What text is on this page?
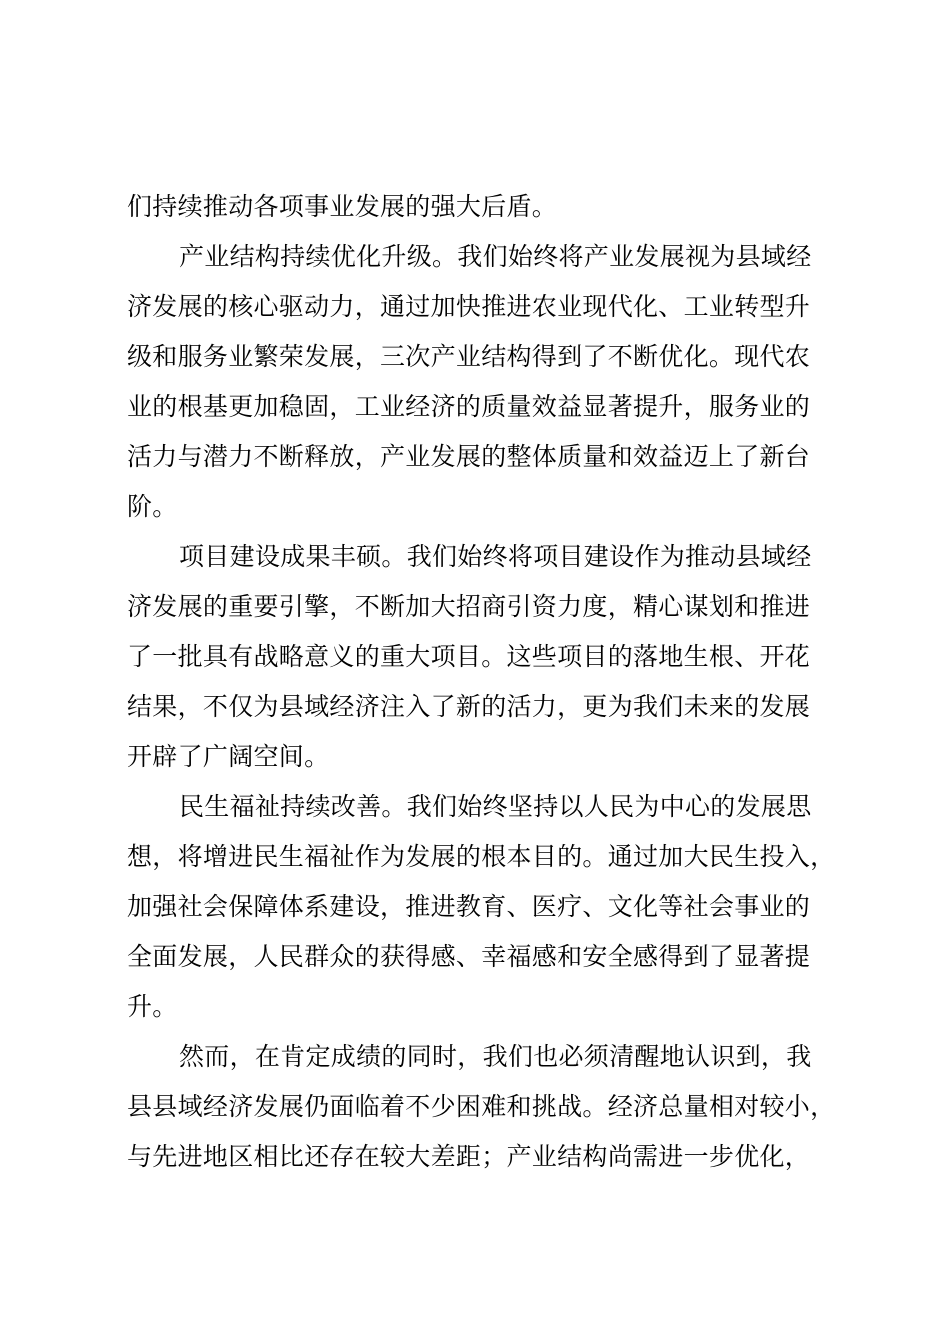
们持续推动各项事业发展的强大后盾。
产业结构持续优化升级。我们始终将产业发展视为县域经
济发展的核心驱动力，通过加快推进农业现代化、工业转型升
级和服务业繁荣发展，三次产业结构得到了不断优化。现代农
业的根基更加稳固，工业经济的质量效益显著提升，服务业的
活力与潜力不断释放，产业发展的整体质量和效益迈上了新台
阶。
项目建设成果丰硕。我们始终将项目建设作为推动县域经
济发展的重要引擎，不断加大招商引资力度，精心谋划和推进
了一批具有战略意义的重大项目。这些项目的落地生根、开花
结果，不仅为县域经济注入了新的活力，更为我们未来的发展
开辟了广阔空间。
民生福祉持续改善。我们始终坚持以人民为中心的发展思
想，将增进民生福祉作为发展的根本目的。通过加大民生投入，
加强社会保障体系建设，推进教育、医疗、文化等社会事业的
全面发展，人民群众的获得感、幸福感和安全感得到了显著提
升。
然而，在肯定成绩的同时，我们也必须清醒地认识到，我
县县域经济发展仍面临着不少困难和挑战。经济总量相对较小，
与先进地区相比还存在较大差距；产业结构尚需进一步优化，
